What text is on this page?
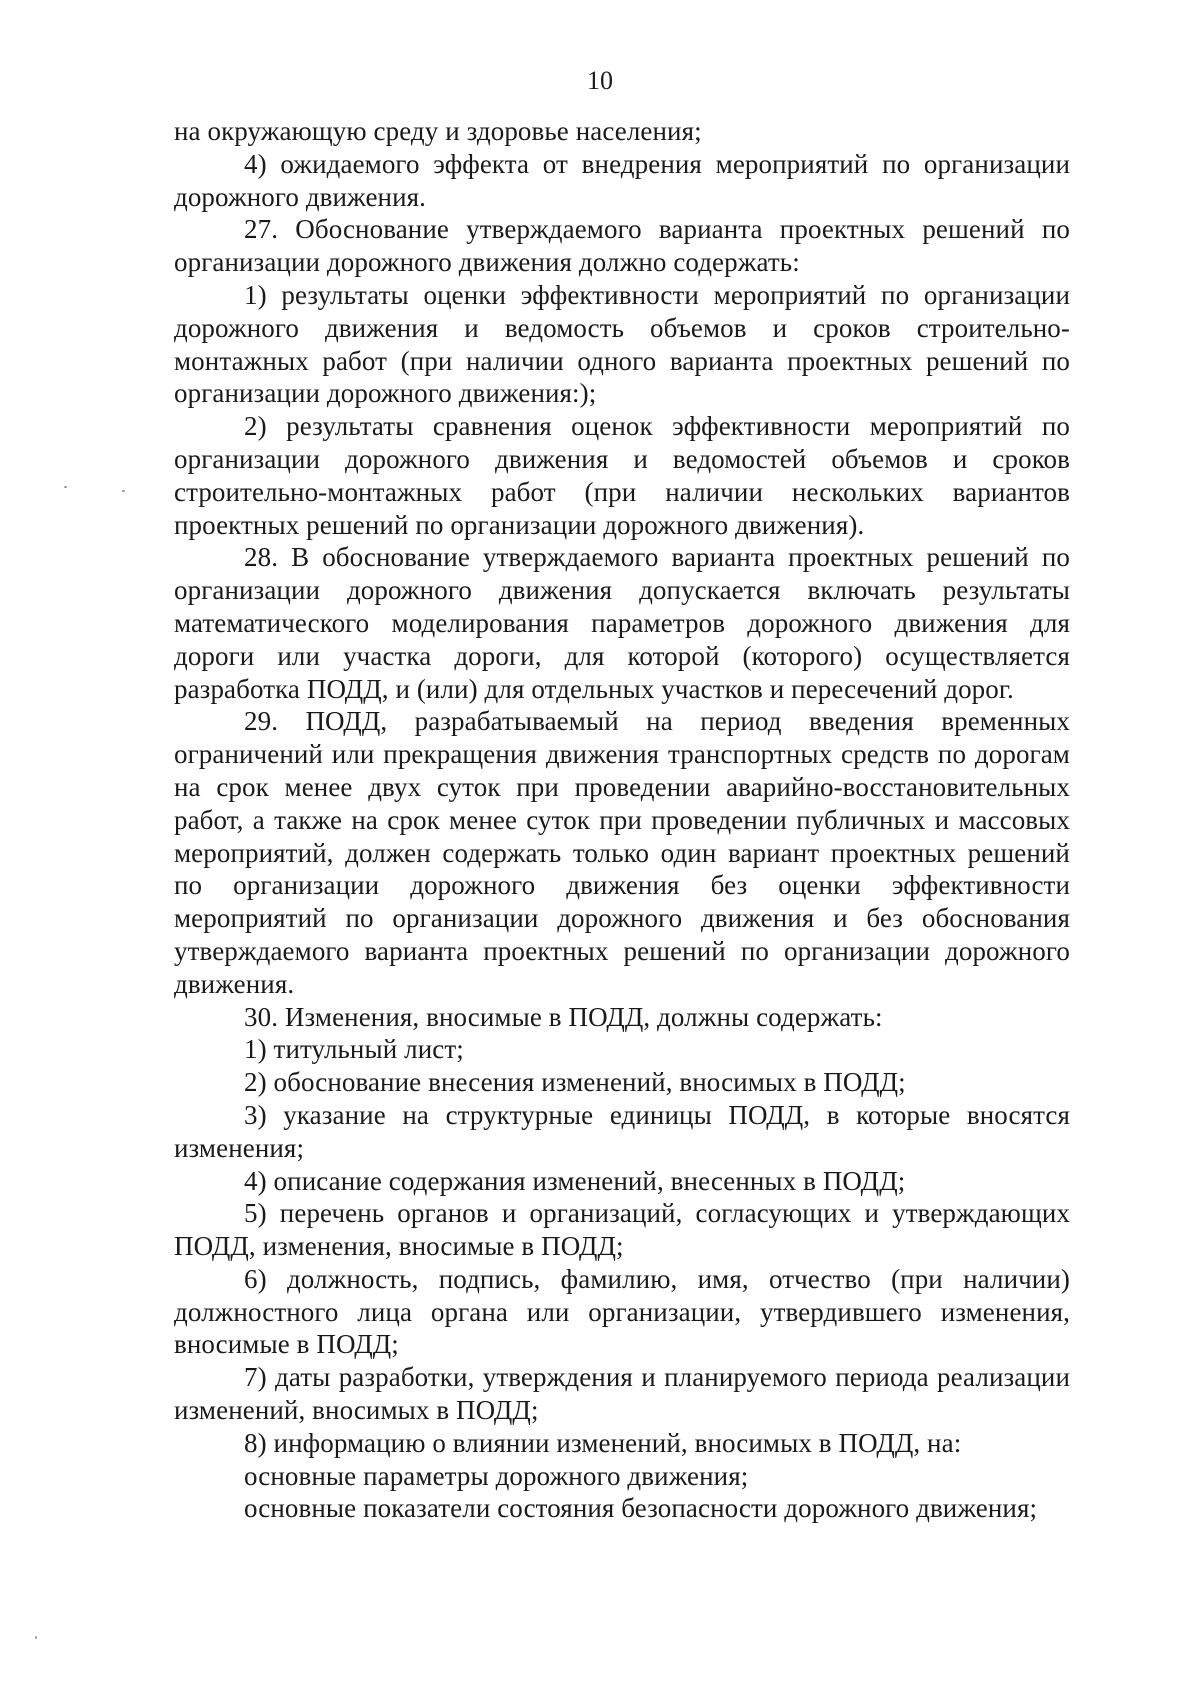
10

на окружающую среду и здоровье населения;

4) ожидаемого эффекта от внедрения мероприятий по организации дорожного движения.

27. Обоснование утверждаемого варианта проектных решений по организации дорожного движения должно содержать:

1) результаты оценки эффективности мероприятий по организации дорожного движения и ведомость объемов и сроков строительно-монтажных работ (при наличии одного варианта проектных решений по организации дорожного движения:);

2) результаты сравнения оценок эффективности мероприятий по организации дорожного движения и ведомостей объемов и сроков строительно-монтажных работ (при наличии нескольких вариантов проектных решений по организации дорожного движения).

28. В обоснование утверждаемого варианта проектных решений по организации дорожного движения допускается включать результаты математического моделирования параметров дорожного движения для дороги или участка дороги, для которой (которого) осуществляется разработка ПОДД, и (или) для отдельных участков и пересечений дорог.

29. ПОДД, разрабатываемый на период введения временных ограничений или прекращения движения транспортных средств по дорогам на срок менее двух суток при проведении аварийно-восстановительных работ, а также на срок менее суток при проведении публичных и массовых мероприятий, должен содержать только один вариант проектных решений по организации дорожного движения без оценки эффективности мероприятий по организации дорожного движения и без обоснования утверждаемого варианта проектных решений по организации дорожного движения.

30. Изменения, вносимые в ПОДД, должны содержать:

1) титульный лист;

2) обоснование внесения изменений, вносимых в ПОДД;

3) указание на структурные единицы ПОДД, в которые вносятся изменения;

4) описание содержания изменений, внесенных в ПОДД;

5) перечень органов и организаций, согласующих и утверждающих ПОДД, изменения, вносимые в ПОДД;

6) должность, подпись, фамилию, имя, отчество (при наличии) должностного лица органа или организации, утвердившего изменения, вносимые в ПОДД;

7) даты разработки, утверждения и планируемого периода реализации изменений, вносимых в ПОДД;

8) информацию о влиянии изменений, вносимых в ПОДД, на:

основные параметры дорожного движения;

основные показатели состояния безопасности дорожного движения;
